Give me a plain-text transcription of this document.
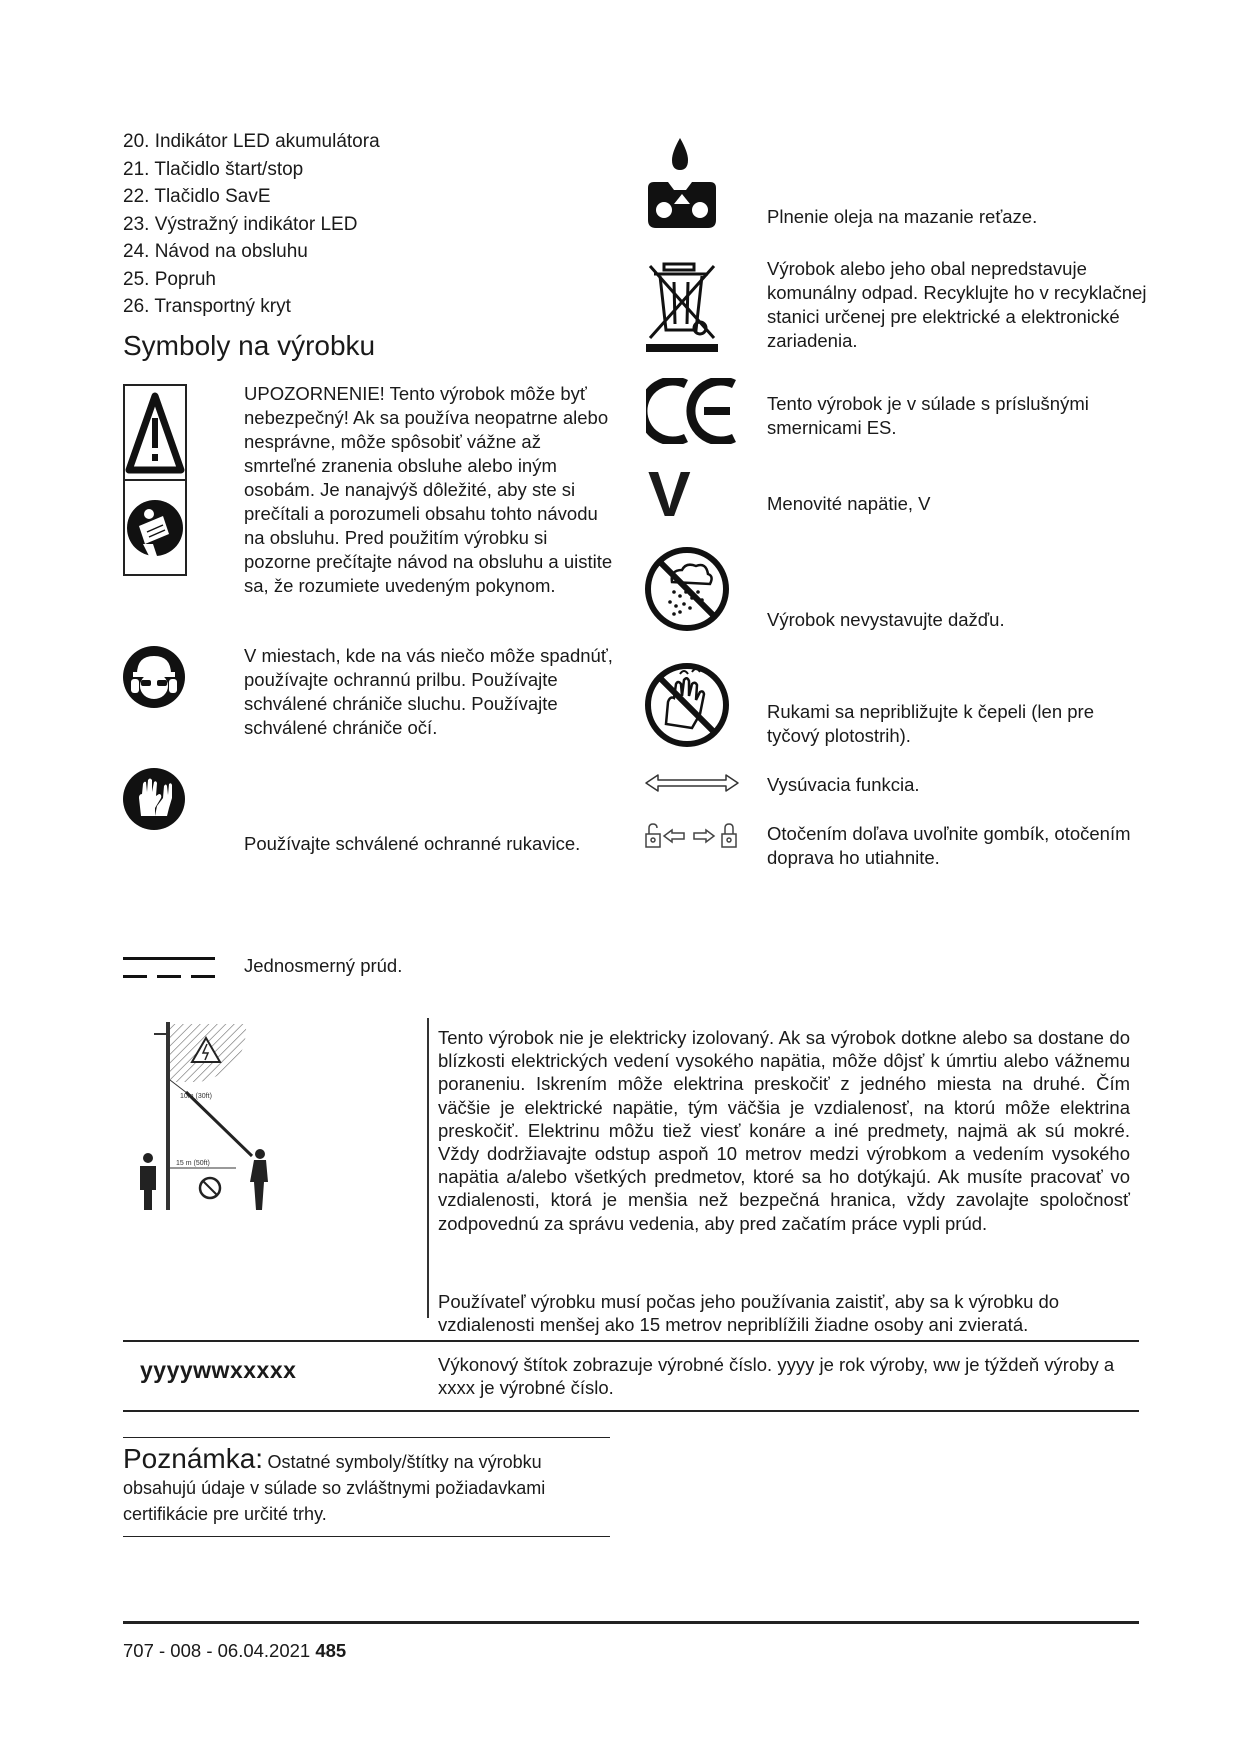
20. Indikátor LED akumulátora
21. Tlačidlo štart/stop
22. Tlačidlo SavE
23. Výstražný indikátor LED
24. Návod na obsluhu
25. Popruh
26. Transportný kryt
Symboly na výrobku
UPOZORNENIE! Tento výrobok môže byť nebezpečný! Ak sa používa neopatrne alebo nesprávne, môže spôsobiť vážne až smrteľné zranenia obsluhe alebo iným osobám. Je nanajvýš dôležité, aby ste si prečítali a porozumeli obsahu tohto návodu na obsluhu. Pred použitím výrobku si pozorne prečítajte návod na obsluhu a uistite sa, že rozumiete uvedeným pokynom.
V miestach, kde na vás niečo môže spadnúť, používajte ochrannú prilbu. Používajte schválené chrániče sluchu. Používajte schválené chrániče očí.
Používajte schválené ochranné rukavice.
Plnenie oleja na mazanie reťaze.
Výrobok alebo jeho obal nepredstavuje komunálny odpad. Recyklujte ho v recyklačnej stanici určenej pre elektrické a elektronické zariadenia.
Tento výrobok je v súlade s príslušnými smernicami ES.
V	Menovité napätie, V
Výrobok nevystavujte dažďu.
Rukami sa nepribližujte k čepeli (len pre tyčový plotostrih).
Vysúvacia funkcia.
Otočením doľava uvoľnite gombík, otočením doprava ho utiahnite.
Jednosmerný prúd.
10m (30ft)
15 m (50ft)
Tento výrobok nie je elektricky izolovaný. Ak sa výrobok dotkne alebo sa dostane do blízkosti elektrických vedení vysokého napätia, môže dôjsť k úmrtiu alebo vážnemu poraneniu. Iskrením môže elektrina preskočiť z jedného miesta na druhé. Čím väčšie je elektrické napätie, tým väčšia je vzdialenosť, na ktorú môže elektrina preskočiť. Elektrinu môžu tiež viesť konáre a iné predmety, najmä ak sú mokré. Vždy dodržiavajte odstup aspoň 10 metrov medzi výrobkom a vedením vysokého napätia a/alebo všetkých predmetov, ktoré sa ho dotýkajú. Ak musíte pracovať vo vzdialenosti, ktorá je menšia než bezpečná hranica, vždy zavolajte spoločnosť zodpovednú za správu vedenia, aby pred začatím práce vypli prúd.
Používateľ výrobku musí počas jeho používania zaistiť, aby sa k výrobku do vzdialenosti menšej ako 15 metrov nepriblížili žiadne osoby ani zvieratá.
yyyywwxxxxx	Výkonový štítok zobrazuje výrobné číslo. yyyy je rok výroby, ww je týždeň výroby a xxxx je výrobné číslo.
Poznámka: Ostatné symboly/štítky na výrobku obsahujú údaje v súlade so zvláštnymi požiadavkami certifikácie pre určité trhy.
707 - 008 - 06.04.2021 485
